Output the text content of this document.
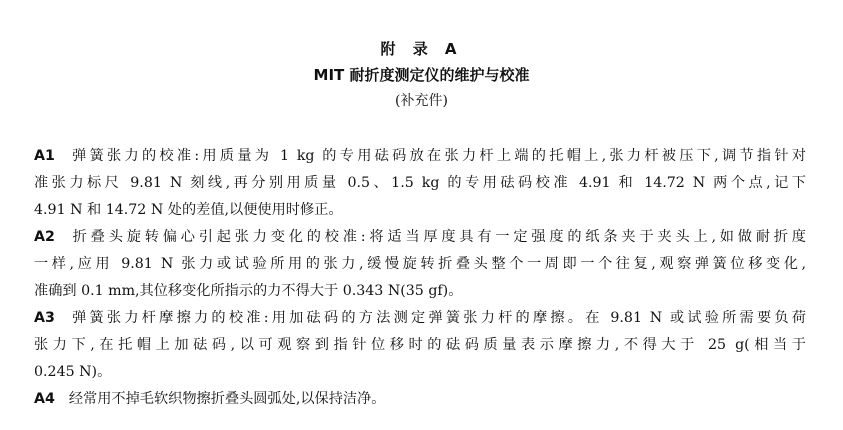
附 录 A
MIT 耐折度测定仪的维护与校准
(补充件)
A1 弹簧张力的校准:用质量为 1 kg 的专用砝码放在张力杆上端的托帽上,张力杆被压下,调节指针对
准张力标尺 9.81 N 刻线,再分别用质量 0.5、1.5 kg 的专用砝码校准 4.91 和 14.72 N 两个点,记下
4.91 N 和 14.72 N 处的差值,以便使用时修正。
A2 折叠头旋转偏心引起张力变化的校准:将适当厚度具有一定强度的纸条夹于夹头上,如做耐折度
一样,应用 9.81 N 张力或试验所用的张力,缓慢旋转折叠头整个一周即一个往复,观察弹簧位移变化,
准确到 0.1 mm,其位移变化所指示的力不得大于 0.343 N(35 gf)。
A3 弹簧张力杆摩擦力的校准:用加砝码的方法测定弹簧张力杆的摩擦。在 9.81 N 或试验所需要负荷
张力下,在托帽上加砝码,以可观察到指针位移时的砝码质量表示摩擦力,不得大于 25 g(相当于
0.245 N)。
A4 经常用不掉毛软织物擦折叠头圆弧处,以保持洁净。
